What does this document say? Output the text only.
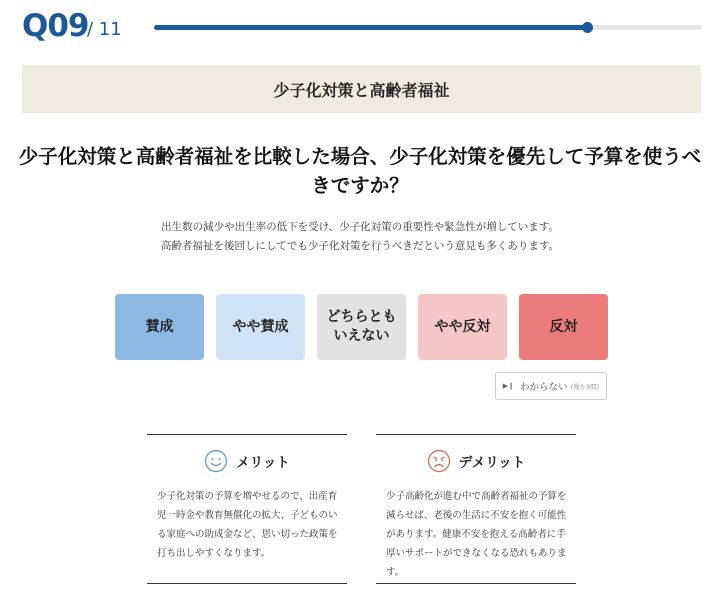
Q09
/ 11
少子化対策と高齢者福祉
少子化対策と高齢者福祉を比較した場合、少子化対策を優先して予算を使うべきですか？
出生数の減少や出生率の低下を受け、少子化対策の重要性や緊急性が増しています。
高齢者福祉を後回しにしてでも少子化対策を行うべきだという意見も多くあります。
賛成	やや賛成
どちらとも
いえない
やや反対	反対
▶❙ わからない (残り3問)
メリット
少子化対策の予算を増やせるので、出産育児一時金や教育無償化の拡大、子どものいる家庭への助成金など、思い切った政策を打ち出しやすくなります。
デメリット
少子高齢化が進む中で高齢者福祉の予算を減らせば、老後の生活に不安を抱く可能性があります。健康不安を抱える高齢者に手厚いサポートができなくなる恐れもあります。
